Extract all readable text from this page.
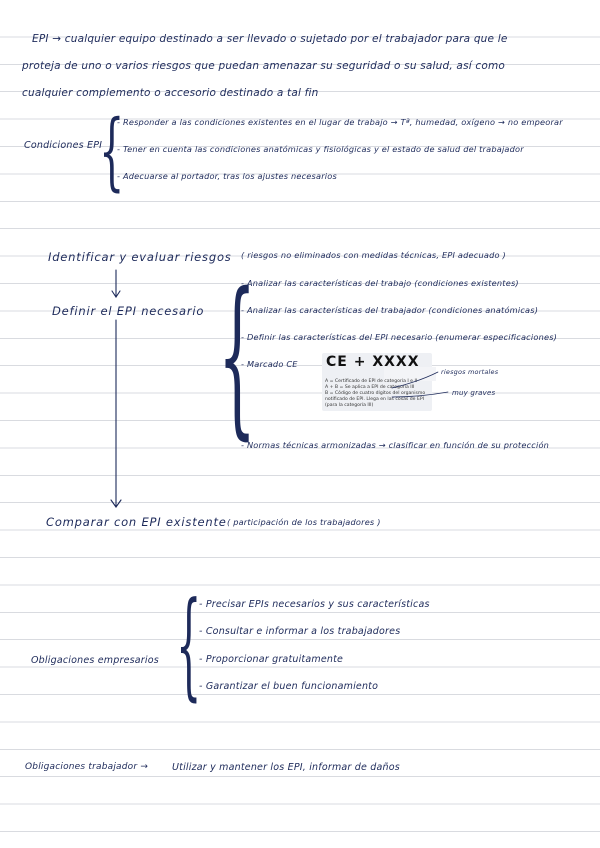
EPI → cualquier equipo destinado a ser llevado o sujetado por el trabajador para que le
proteja de uno o varios riesgos que puedan amenazar su seguridad o su salud, así como
cualquier complemento o accesorio destinado a tal fin
Condiciones EPI
{
- Responder a las condiciones existentes en el lugar de trabajo → Tª, humedad, oxígeno → no empeorar
- Tener en cuenta las condiciones anatómicas y fisiológicas y el estado de salud del trabajador
- Adecuarse al portador, tras los ajustes necesarios
Identificar y evaluar riesgos ( riesgos no eliminados con medidas técnicas, EPI adecuado )
Definir el EPI necesario {
- Analizar las características del trabajo (condiciones existentes)
- Analizar las características del trabajador (condiciones anatómicas)
- Definir las características del EPI necesario (enumerar especificaciones)
- Marcado CE
- Normas técnicas armonizadas → clasificar en función de su protección
CE + XXXX
A = Certificado de EPI de categoría I e II
A + B = Se aplica a EPI de categoría III
B = Código de cuatro dígitos del organismo
notificado de EPI. Llega en las cosas de EPI
(para la categoría III)
riesgos mortales
muy graves
Comparar con EPI existente ( participación de los trabajadores )
{
Obligaciones empresarios
- Precisar EPIs necesarios y sus características
- Consultar e informar a los trabajadores
- Proporcionar gratuitamente
- Garantizar el buen funcionamiento
Obligaciones trabajador →	Utilizar y mantener los EPI, informar de daños
